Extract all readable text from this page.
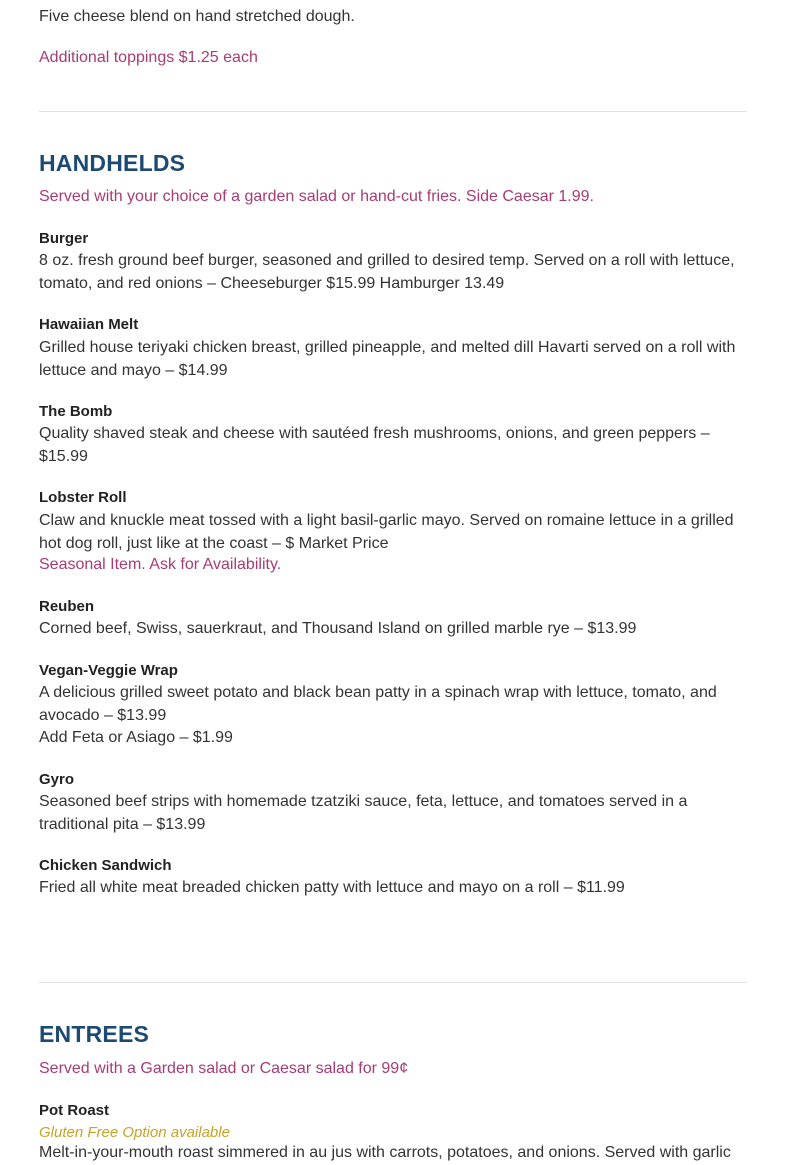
Five cheese blend on hand stretched dough.

Additional toppings $1.25 each

HANDHELDS

Served with your choice of a garden salad or hand-cut fries. Side Caesar 1.99.

Burger

8 oz. fresh ground beef burger, seasoned and grilled to desired temp. Served on a roll with lettuce, tomato, and red onions – Cheeseburger $15.99 Hamburger 13.49

Hawaiian Melt

Grilled house teriyaki chicken breast, grilled pineapple, and melted dill Havarti served on a roll with lettuce and mayo – $14.99

The Bomb

Quality shaved steak and cheese with sautéed fresh mushrooms, onions, and green peppers – $15.99

Lobster Roll

Claw and knuckle meat tossed with a light basil-garlic mayo. Served on romaine lettuce in a grilled hot dog roll, just like at the coast – $ Market Price

Seasonal Item. Ask for Availability.

Reuben

Corned beef, Swiss, sauerkraut, and Thousand Island on grilled marble rye – $13.99

Vegan-Veggie Wrap

A delicious grilled sweet potato and black bean patty in a spinach wrap with lettuce, tomato, and avocado – $13.99

Add Feta or Asiago – $1.99

Gyro

Seasoned beef strips with homemade tzatziki sauce, feta, lettuce, and tomatoes served in a traditional pita – $13.99

Chicken Sandwich

Fried all white meat breaded chicken patty with lettuce and mayo on a roll – $11.99

ENTREES

Served with a Garden salad or Caesar salad for 99¢

Pot Roast
Gluten Free Option available
Melt-in-your-mouth roast simmered in au jus with carrots, potatoes, and onions. Served with garlic
